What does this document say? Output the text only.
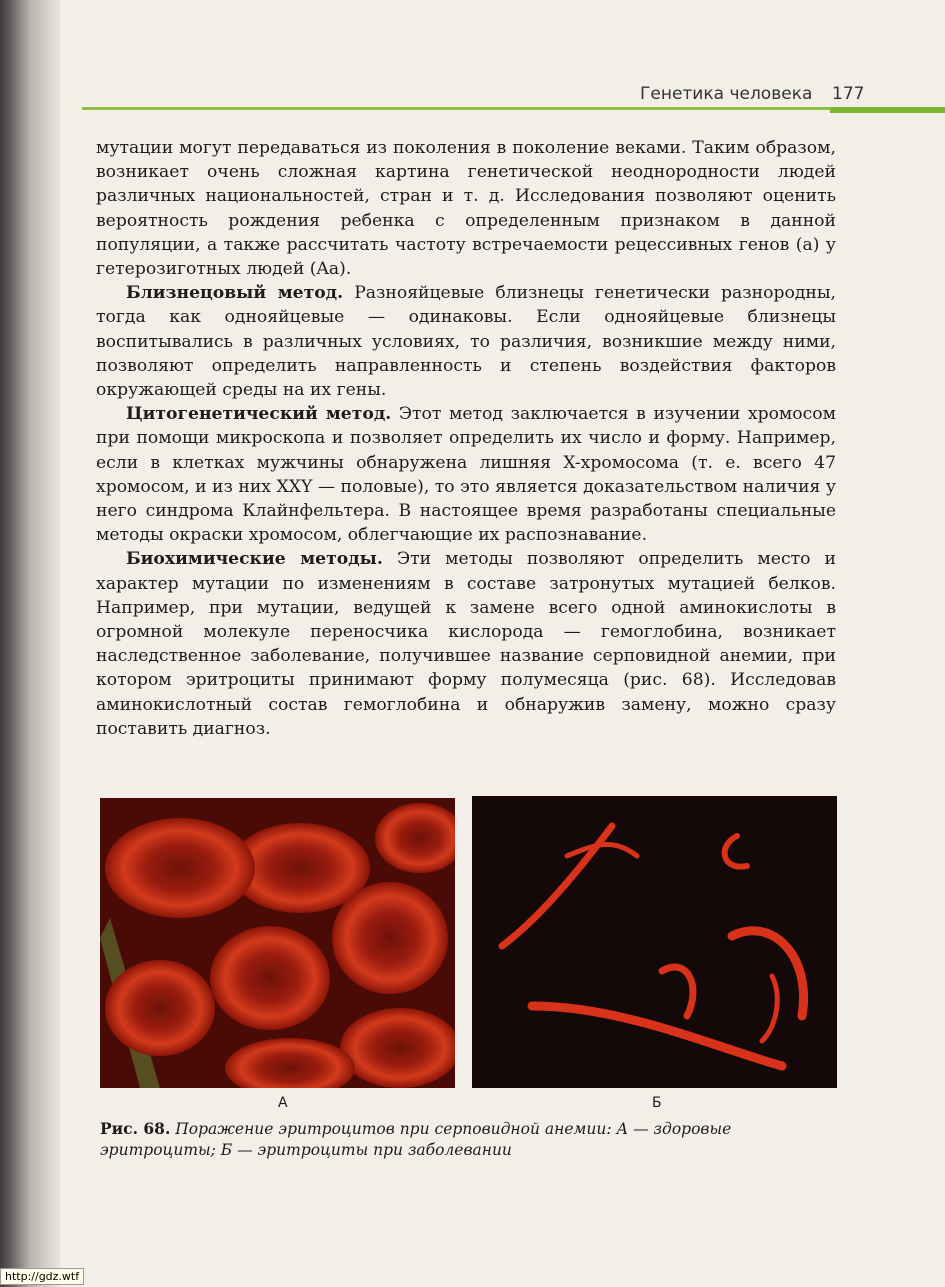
Генетика человека 177

мутации могут передаваться из поколения в поколение веками. Таким образом, возникает очень сложная картина генетической неоднородности людей различных национальностей, стран и т. д. Исследования позволяют оценить вероятность рождения ребенка с определенным признаком в данной популяции, а также рассчитать частоту встречаемости рецессивных генов (a) у гетерозиготных людей (Aa).

Близнецовый метод. Разнояйцевые близнецы генетически разнородны, тогда как однояйцевые — одинаковы. Если однояйцевые близнецы воспитывались в различных условиях, то различия, возникшие между ними, позволяют определить направленность и степень воздействия факторов окружающей среды на их гены.

Цитогенетический метод. Этот метод заключается в изучении хромосом при помощи микроскопа и позволяет определить их число и форму. Например, если в клетках мужчины обнаружена лишняя X-хромосома (т. е. всего 47 хромосом, и из них XXY — половые), то это является доказательством наличия у него синдрома Клайнфельтера. В настоящее время разработаны специальные методы окраски хромосом, облегчающие их распознавание.

Биохимические методы. Эти методы позволяют определить место и характер мутации по изменениям в составе затронутых мутацией белков. Например, при мутации, ведущей к замене всего одной аминокислоты в огромной молекуле переносчика кислорода — гемоглобина, возникает наследственное заболевание, получившее название серповидной анемии, при котором эритроциты принимают форму полумесяца (рис. 68). Исследовав аминокислотный состав гемоглобина и обнаружив замену, можно сразу поставить диагноз.

А	Б
Рис. 68. Поражение эритроцитов при серповидной анемии: А — здоровые эритроциты; Б — эритроциты при заболевании
http://gdz.wtf
